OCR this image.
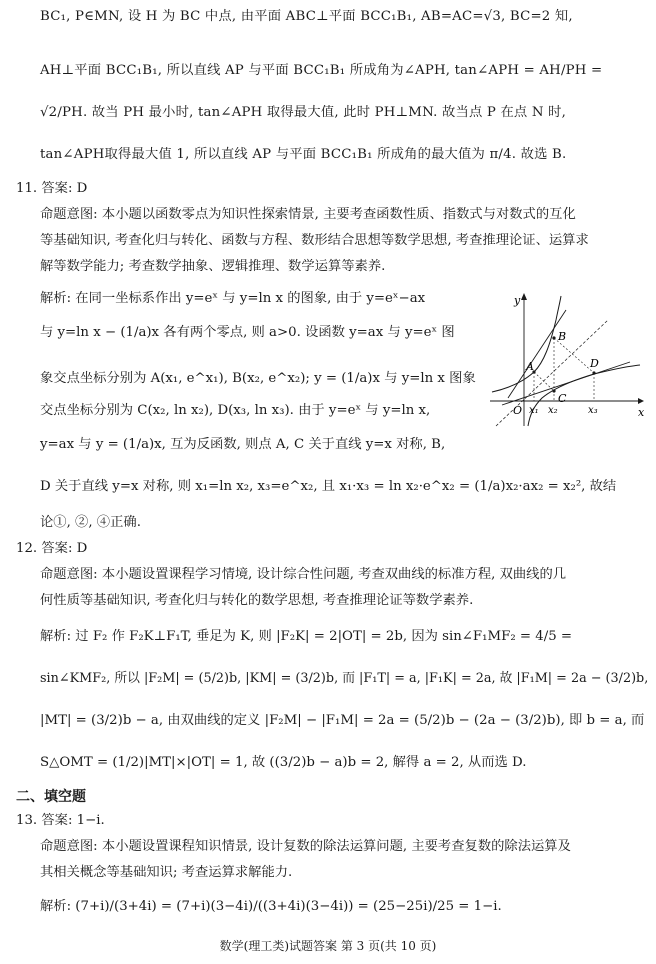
BC₁, P∈MN, 设 H 为 BC 中点, 由平面 ABC⊥平面 BCC₁B₁, AB=AC=√3, BC=2 知,
AH⊥平面 BCC₁B₁, 所以直线 AP 与平面 BCC₁B₁ 所成角为∠APH, tan∠APH = AH/PH =
√2/PH. 故当 PH 最小时, tan∠APH 取得最大值, 此时 PH⊥MN. 故当点 P 在点 N 时,
tan∠APH取得最大值 1, 所以直线 AP 与平面 BCC₁B₁ 所成角的最大值为 π/4. 故选 B.
11. 答案: D
命题意图: 本小题以函数零点为知识性探索情景, 主要考查函数性质、指数式与对数式的互化
等基础知识, 考查化归与转化、函数与方程、数形结合思想等数学思想, 考查推理论证、运算求
解等数学能力; 考查数学抽象、逻辑推理、数学运算等素养.
解析: 在同一坐标系作出 y=eˣ 与 y=ln x 的图象, 由于 y=eˣ−ax
与 y=ln x − (1/a)x 各有两个零点, 则 a>0. 设函数 y=ax 与 y=eˣ 图
象交点坐标分别为 A(x₁, e^x₁), B(x₂, e^x₂); y = (1/a)x 与 y=ln x 图象
交点坐标分别为 C(x₂, ln x₂), D(x₃, ln x₃). 由于 y=eˣ 与 y=ln x,
y=ax 与 y = (1/a)x, 互为反函数, 则点 A, C 关于直线 y=x 对称, B,
D 关于直线 y=x 对称, 则 x₁=ln x₂, x₃=e^x₂, 且 x₁·x₃ = ln x₂·e^x₂ = (1/a)x₂·ax₂ = x₂², 故结
论①, ②, ④正确.
y
x
O
A
B
C
D
x₁ x₂	x₃
12. 答案: D
命题意图: 本小题设置课程学习情境, 设计综合性问题, 考查双曲线的标准方程, 双曲线的几
何性质等基础知识, 考查化归与转化的数学思想, 考查推理论证等数学素养.
解析: 过 F₂ 作 F₂K⊥F₁T, 垂足为 K, 则 |F₂K| = 2|OT| = 2b, 因为 sin∠F₁MF₂ = 4/5 =
sin∠KMF₂, 所以 |F₂M| = (5/2)b, |KM| = (3/2)b, 而 |F₁T| = a, |F₁K| = 2a, 故 |F₁M| = 2a − (3/2)b,
|MT| = (3/2)b − a, 由双曲线的定义 |F₂M| − |F₁M| = 2a = (5/2)b − (2a − (3/2)b), 即 b = a, 而
S△OMT = (1/2)|MT|×|OT| = 1, 故 ((3/2)b − a)b = 2, 解得 a = 2, 从而选 D.
二、填空题
13. 答案: 1−i.
命题意图: 本小题设置课程知识情景, 设计复数的除法运算问题, 主要考查复数的除法运算及
其相关概念等基础知识; 考查运算求解能力.
解析: (7+i)/(3+4i) = (7+i)(3−4i)/((3+4i)(3−4i)) = (25−25i)/25 = 1−i.
数学(理工类)试题答案 第 3 页(共 10 页)
